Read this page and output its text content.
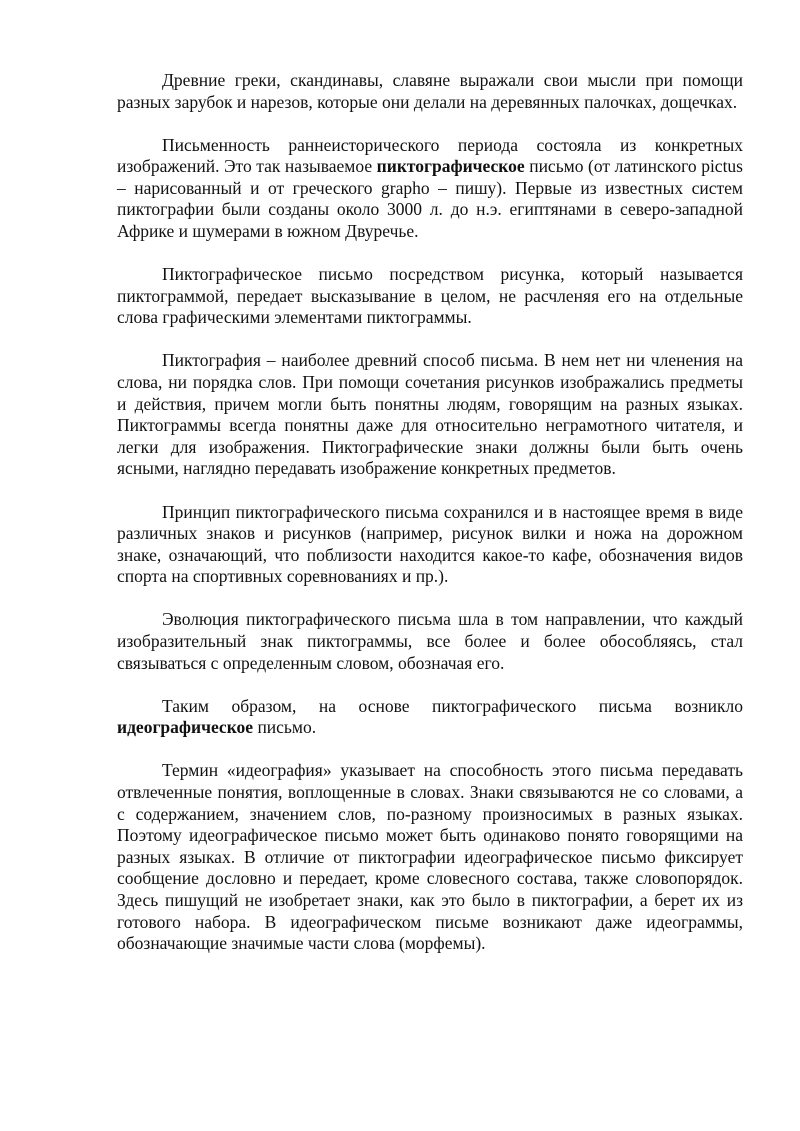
Древние греки, скандинавы, славяне выражали свои мысли при помощи разных зарубок и нарезов, которые они делали на деревянных палочках, дощечках.

Письменность раннеисторического периода состояла из конкретных изображений. Это так называемое пиктографическое письмо (от латинского pictus – нарисованный и от греческого grapho – пишу). Первые из известных систем пиктографии были созданы около 3000 л. до н.э. египтянами в северо-западной Африке и шумерами в южном Двуречье.

Пиктографическое письмо посредством рисунка, который называется пиктограммой, передает высказывание в целом, не расчленяя его на отдельные слова графическими элементами пиктограммы.

Пиктография – наиболее древний способ письма. В нем нет ни членения на слова, ни порядка слов. При помощи сочетания рисунков изображались предметы и действия, причем могли быть понятны людям, говорящим на разных языках. Пиктограммы всегда понятны даже для относительно неграмотного читателя, и легки для изображения. Пиктографические знаки должны были быть очень ясными, наглядно передавать изображение конкретных предметов.

Принцип пиктографического письма сохранился и в настоящее время в виде различных знаков и рисунков (например, рисунок вилки и ножа на дорожном знаке, означающий, что поблизости находится какое-то кафе, обозначения видов спорта на спортивных соревнованиях и пр.).

Эволюция пиктографического письма шла в том направлении, что каждый изобразительный знак пиктограммы, все более и более обособляясь, стал связываться с определенным словом, обозначая его.

Таким образом, на основе пиктографического письма возникло идеографическое письмо.

Термин «идеография» указывает на способность этого письма передавать отвлеченные понятия, воплощенные в словах. Знаки связываются не со словами, а с содержанием, значением слов, по-разному произносимых в разных языках. Поэтому идеографическое письмо может быть одинаково понято говорящими на разных языках. В отличие от пиктографии идеографическое письмо фиксирует сообщение дословно и передает, кроме словесного состава, также словопорядок. Здесь пишущий не изобретает знаки, как это было в пиктографии, а берет их из готового набора. В идеографическом письме возникают даже идеограммы, обозначающие значимые части слова (морфемы).
